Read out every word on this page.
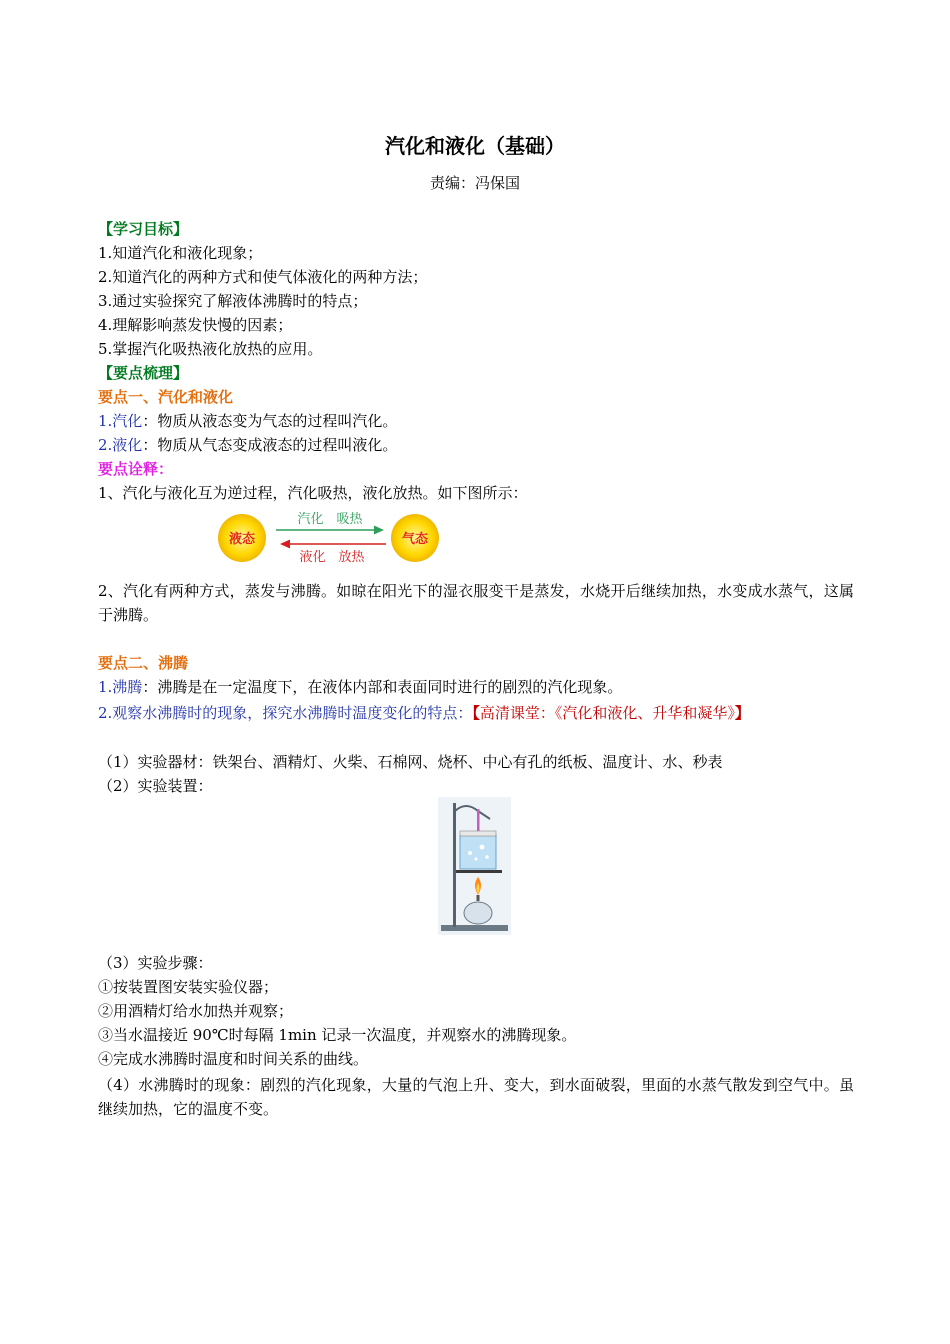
汽化和液化（基础）
责编：冯保国
【学习目标】
1.知道汽化和液化现象；
2.知道汽化的两种方式和使气体液化的两种方法；
3.通过实验探究了解液体沸腾时的特点；
4.理解影响蒸发快慢的因素；
5.掌握汽化吸热液化放热的应用。
【要点梳理】
要点一、汽化和液化
1.汽化：物质从液态变为气态的过程叫汽化。
2.液化：物质从气态变成液态的过程叫液化。
要点诠释：
1、汽化与液化互为逆过程，汽化吸热，液化放热。如下图所示：
液态	气态
汽化　吸热
液化　放热
2、汽化有两种方式，蒸发与沸腾。如晾在阳光下的湿衣服变干是蒸发，水烧开后继续加热，水变成水蒸气，这属于沸腾。
要点二、沸腾
1.沸腾：沸腾是在一定温度下，在液体内部和表面同时进行的剧烈的汽化现象。
2.观察水沸腾时的现象，探究水沸腾时温度变化的特点：【高清课堂：《汽化和液化、升华和凝华》】
（1）实验器材：铁架台、酒精灯、火柴、石棉网、烧杯、中心有孔的纸板、温度计、水、秒表
（2）实验装置：
（3）实验步骤：
①按装置图安装实验仪器；
②用酒精灯给水加热并观察；
③当水温接近 90℃时每隔 1min 记录一次温度，并观察水的沸腾现象。
④完成水沸腾时温度和时间关系的曲线。
（4）水沸腾时的现象：剧烈的汽化现象，大量的气泡上升、变大，到水面破裂，里面的水蒸气散发到空气中。虽继续加热，它的温度不变。
